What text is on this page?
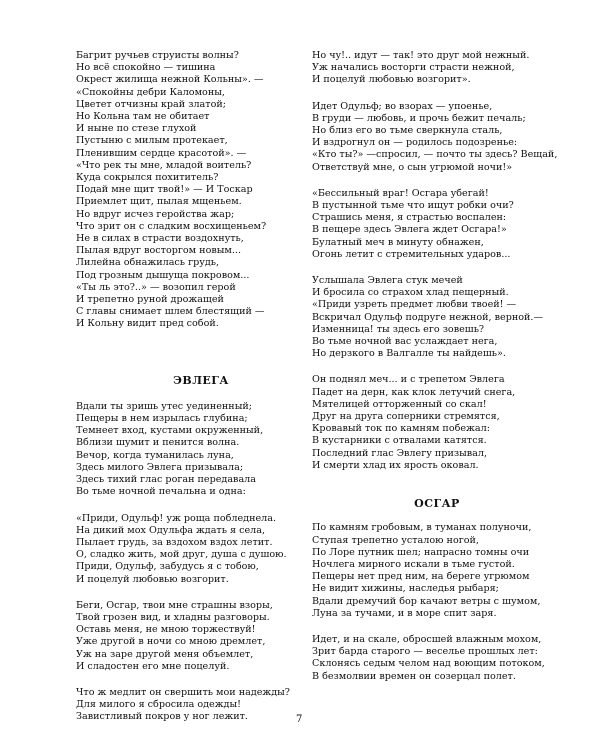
Багрит ручьев струисты волны?
Но всё спокойно — тишина
Окрест жилища нежной Кольны». —
«Спокойны дебри Каломоны,
Цветет отчизны край златой;
Но Кольна там не обитает
И ныне по стезе глухой
Пустыню с милым протекает,
Пленившим сердце красотой». —
«Что рек ты мне, младой воитель?
Куда сокрылся похититель?
Подай мне щит твой!» — И Тоскар
Приемлет щит, пылая мщеньем.
Но вдруг исчез геройства жар;
Что зрит он с сладким восхищеньем?
Не в силах в страсти воздохнуть,
Пылая вдруг восторгом новым...
Лилейна обнажилась грудь,
Под грозным дышуща покровом...
«Ты ль это?..» — возопил герой
И трепетно руной дрожащей
С главы снимает шлем блестящий —
И Кольну видит пред собой.
ЭВЛЕГА
Вдали ты зришь утес уединенный;
Пещеры в нем изрылась глубина;
Темнеет вход, кустами окруженный,
Вблизи шумит и пенится волна.
Вечор, когда туманилась луна,
Здесь милого Эвлега призывала;
Здесь тихий глас роган передавала
Во тьме ночной печальна и одна:
«Приди, Одульф! уж роща побледнела.
На дикий мох Одульфа ждать я села,
Пылает грудь, за вздохом вздох летит.
О, сладко жить, мой друг, душа с душою.
Приди, Одульф, забудусь я с тобою,
И поцелуй любовью возгорит.
Беги, Осгар, твои мне страшны взоры,
Твой грозен вид, и хладны разговоры.
Оставь меня, не мною торжествуй!
Уже другой в ночи со мною дремлет,
Уж на заре другой меня объемлет,
И сладостен его мне поцелуй.
Что ж медлит он свершить мои надежды?
Для милого я сбросила одежды!
Завистливый покров у ног лежит.
Но чу!.. идут — так! это друг мой нежный.
Уж начались восторги страсти нежной,
И поцелуй любовью возгорит».
Идет Одульф; во взорах — упоенье,
В груди — любовь, и прочь бежит печаль;
Но близ его во тьме сверкнула сталь,
И вздрогнул он — родилось подозренье:
«Кто ты?» —спросил, — почто ты здесь? Вещай,
Ответствуй мне, о сын угрюмой ночи!»
«Бессильный враг! Осгара убегай!
В пустынной тьме что ищут робки очи?
Страшись меня, я страстью воспален:
В пещере здесь Эвлега ждет Осгара!»
Булатный меч в минуту обнажен,
Огонь летит с стремительных ударов...
Услышала Эвлега стук мечей
И бросила со страхом хлад пещерный.
«Приди узреть предмет любви твоей! —
Вскричал Одульф подруге нежной, верной.—
Изменница! ты здесь его зовешь?
Во тьме ночной вас услаждает нега,
Но дерзкого в Валгалле ты найдешь».
Он поднял меч... и с трепетом Эвлега
Падет на дерн, как клок летучий снега,
Мятелицей отторженный со скал!
Друг на друга соперники стремятся,
Кровавый ток по камням побежал:
В кустарники с отвалами катятся.
Последний глас Эвлегу призывал,
И смерти хлад их ярость оковал.
ОСГАР
По камням гробовым, в туманах полуночи,
Ступая трепетно усталою ногой,
По Лоре путник шел; напрасно томны очи
Ночлега мирного искали в тьме густой.
Пещеры нет пред ним, на береге угрюмом
Не видит хижины, наследья рыбаря;
Вдали дремучий бор качают ветры с шумом,
Луна за тучами, и в море спит заря.
Идет, и на скале, обросшей влажным мохом,
Зрит барда старого — веселье прошлых лет:
Склонясь седым челом над воющим потоком,
В безмолвии времен он созерцал полет.
7
